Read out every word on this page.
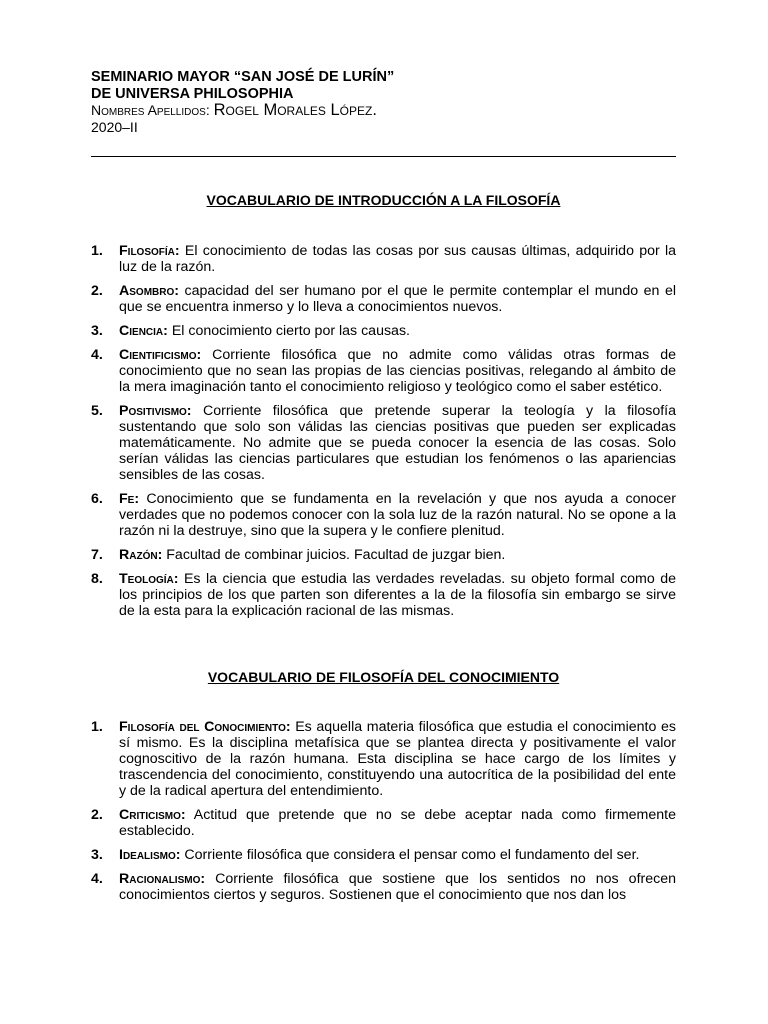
SEMINARIO MAYOR “SAN JOSÉ DE LURÍN”
DE UNIVERSA PHILOSOPHIA
Nombres Apellidos: Rogel Morales López.
2020–II
VOCABULARIO DE INTRODUCCIÓN A LA FILOSOFÍA
1.	Filosofía: El conocimiento de todas las cosas por sus causas últimas, adquirido por la luz de la razón.
2.	Asombro: capacidad del ser humano por el que le permite contemplar el mundo en el que se encuentra inmerso y lo lleva a conocimientos nuevos.
3.	Ciencia: El conocimiento cierto por las causas.
4.	Cientificismo: Corriente filosófica que no admite como válidas otras formas de conocimiento que no sean las propias de las ciencias positivas, relegando al ámbito de la mera imaginación tanto el conocimiento religioso y teológico como el saber estético.
5.	Positivismo: Corriente filosófica que pretende superar la teología y la filosofía sustentando que solo son válidas las ciencias positivas que pueden ser explicadas matemáticamente. No admite que se pueda conocer la esencia de las cosas. Solo serían válidas las ciencias particulares que estudian los fenómenos o las apariencias sensibles de las cosas.
6.	Fe: Conocimiento que se fundamenta en la revelación y que nos ayuda a conocer verdades que no podemos conocer con la sola luz de la razón natural. No se opone a la razón ni la destruye, sino que la supera y le confiere plenitud.
7.	Razón: Facultad de combinar juicios. Facultad de juzgar bien.
8.	Teología: Es la ciencia que estudia las verdades reveladas. su objeto formal como de los principios de los que parten son diferentes a la de la filosofía sin embargo se sirve de la esta para la explicación racional de las mismas.
VOCABULARIO DE FILOSOFÍA DEL CONOCIMIENTO
1.	Filosofía del Conocimiento: Es aquella materia filosófica que estudia el conocimiento es sí mismo. Es la disciplina metafísica que se plantea directa y positivamente el valor cognoscitivo de la razón humana. Esta disciplina se hace cargo de los límites y trascendencia del conocimiento, constituyendo una autocrítica de la posibilidad del ente y de la radical apertura del entendimiento.
2.	Criticismo: Actitud que pretende que no se debe aceptar nada como firmemente establecido.
3.	Idealismo: Corriente filosófica que considera el pensar como el fundamento del ser.
4.	Racionalismo: Corriente filosófica que sostiene que los sentidos no nos ofrecen conocimientos ciertos y seguros. Sostienen que el conocimiento que nos dan los
